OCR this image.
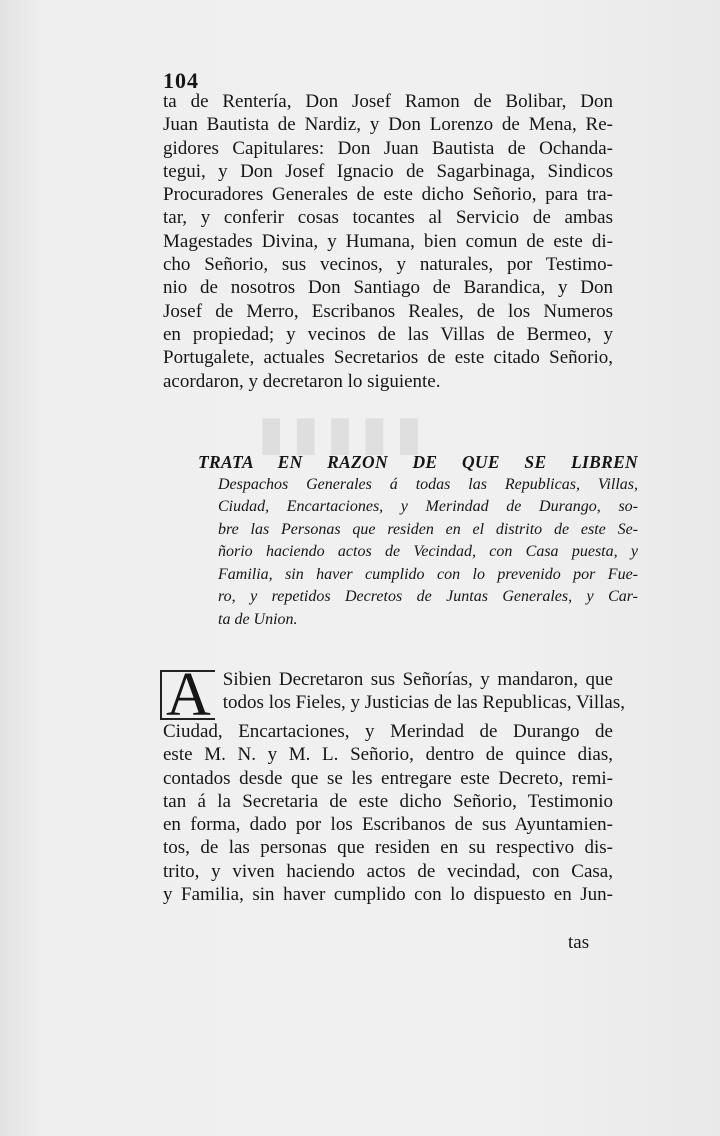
▮▮▮▮▮
104
ta de Rentería, Don Josef Ramon de Bolibar, Don
Juan Bautista de Nardiz, y Don Lorenzo de Mena, Re-
gidores Capitulares: Don Juan Bautista de Ochanda-
tegui, y Don Josef Ignacio de Sagarbinaga, Sindicos
Procuradores Generales de este dicho Señorio, para tra-
tar, y conferir cosas tocantes al Servicio de ambas
Magestades Divina, y Humana, bien comun de este di-
cho Señorio, sus vecinos, y naturales, por Testimo-
nio de nosotros Don Santiago de Barandica, y Don
Josef de Merro, Escribanos Reales, de los Numeros
en propiedad; y vecinos de las Villas de Bermeo, y
Portugalete, actuales Secretarios de este citado Señorio,
acordaron, y decretaron lo siguiente.
TRATA EN RAZON DE QUE SE LIBREN
Despachos Generales á todas las Republicas, Villas,
Ciudad, Encartaciones, y Merindad de Durango, so-
bre las Personas que residen en el distrito de este Se-
ñorio haciendo actos de Vecindad, con Casa puesta, y
Familia, sin haver cumplido con lo prevenido por Fue-
ro, y repetidos Decretos de Juntas Generales, y Car-
ta de Union.
A Sibien Decretaron sus Señorías, y mandaron, que
todos los Fieles, y Justicias de las Republicas, Villas,
Ciudad, Encartaciones, y Merindad de Durango de
este M. N. y M. L. Señorio, dentro de quince dias,
contados desde que se les entregare este Decreto, remi-
tan á la Secretaria de este dicho Señorio, Testimonio
en forma, dado por los Escribanos de sus Ayuntamien-
tos, de las personas que residen en su respectivo dis-
trito, y viven haciendo actos de vecindad, con Casa,
y Familia, sin haver cumplido con lo dispuesto en Jun-
tas
